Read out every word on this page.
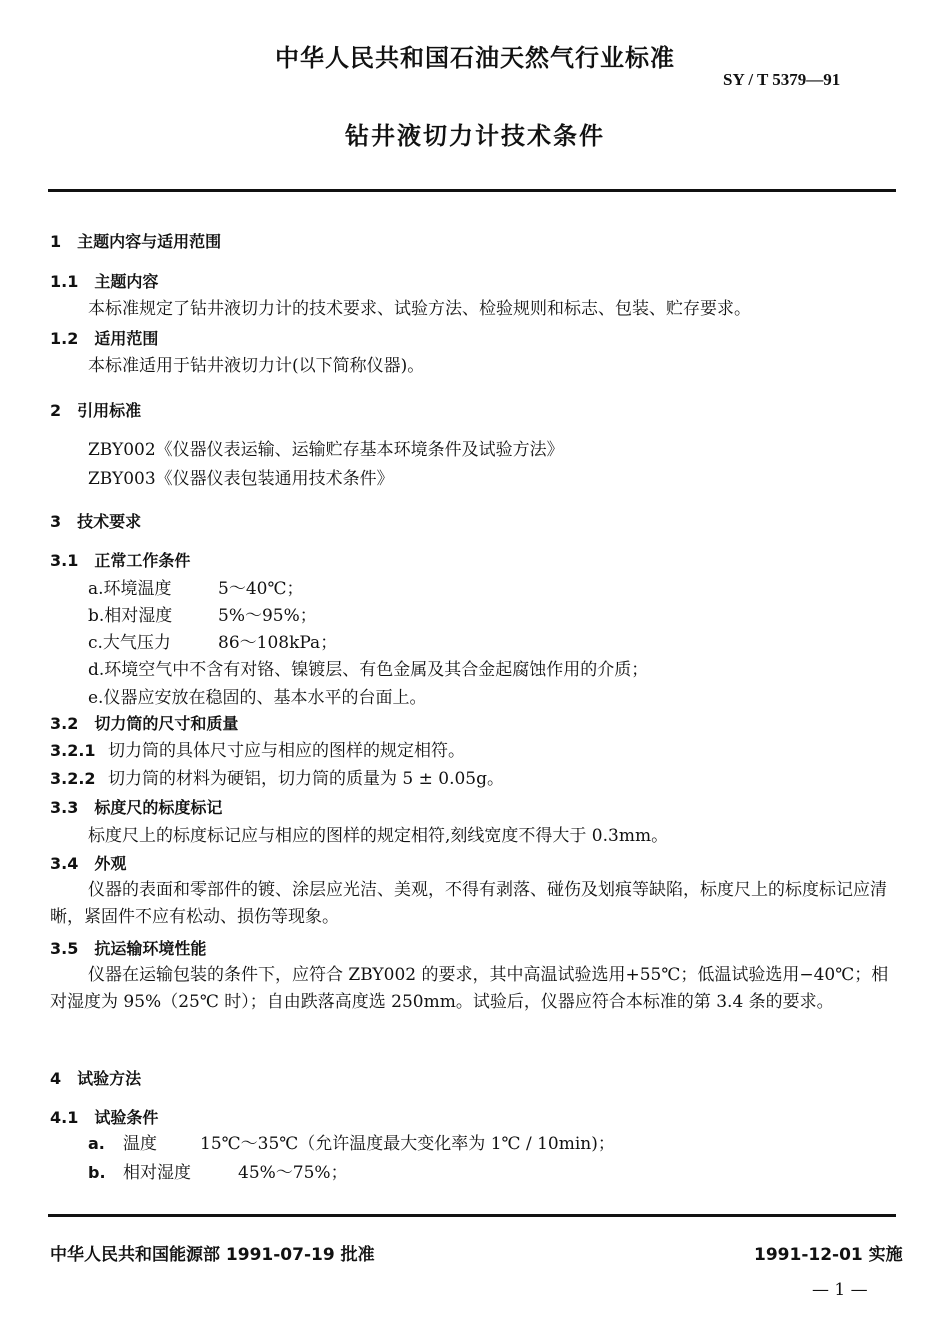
中华人民共和国石油天然气行业标准
SY / T 5379—91
钻井液切力计技术条件
1　主题内容与适用范围
1.1　主题内容
本标准规定了钻井液切力计的技术要求、试验方法、检验规则和标志、包装、贮存要求。
1.2　适用范围
本标准适用于钻井液切力计(以下简称仪器)。
2　引用标准
ZBY002《仪器仪表运输、运输贮存基本环境条件及试验方法》
ZBY003《仪器仪表包装通用技术条件》
3　技术要求
3.1　正常工作条件
a.环境温度	5～40℃；
b.相对湿度	5%～95%；
c.大气压力	86～108kPa；
d.环境空气中不含有对铬、镍镀层、有色金属及其合金起腐蚀作用的介质；
e.仪器应安放在稳固的、基本水平的台面上。
3.2　切力筒的尺寸和质量
3.2.1 切力筒的具体尺寸应与相应的图样的规定相符。
3.2.2 切力筒的材料为硬铝，切力筒的质量为 5 ± 0.05g。
3.3　标度尺的标度标记
标度尺上的标度标记应与相应的图样的规定相符,刻线宽度不得大于 0.3mm。
3.4　外观
仪器的表面和零部件的镀、涂层应光洁、美观，不得有剥落、碰伤及划痕等缺陷，标度尺上的标度标记应清晰，紧固件不应有松动、损伤等现象。
3.5　抗运输环境性能
仪器在运输包装的条件下，应符合 ZBY002 的要求，其中高温试验选用+55℃；低温试验选用−40℃；相对湿度为 95%（25℃ 时）；自由跌落高度选 250mm。试验后，仪器应符合本标准的第 3.4 条的要求。
4　试验方法
4.1　试验条件
a. 温度	15℃～35℃（允许温度最大变化率为 1℃ / 10min)；
b. 相对湿度	45%～75%；
中华人民共和国能源部 1991-07-19 批准	1991-12-01 实施
— 1 —
